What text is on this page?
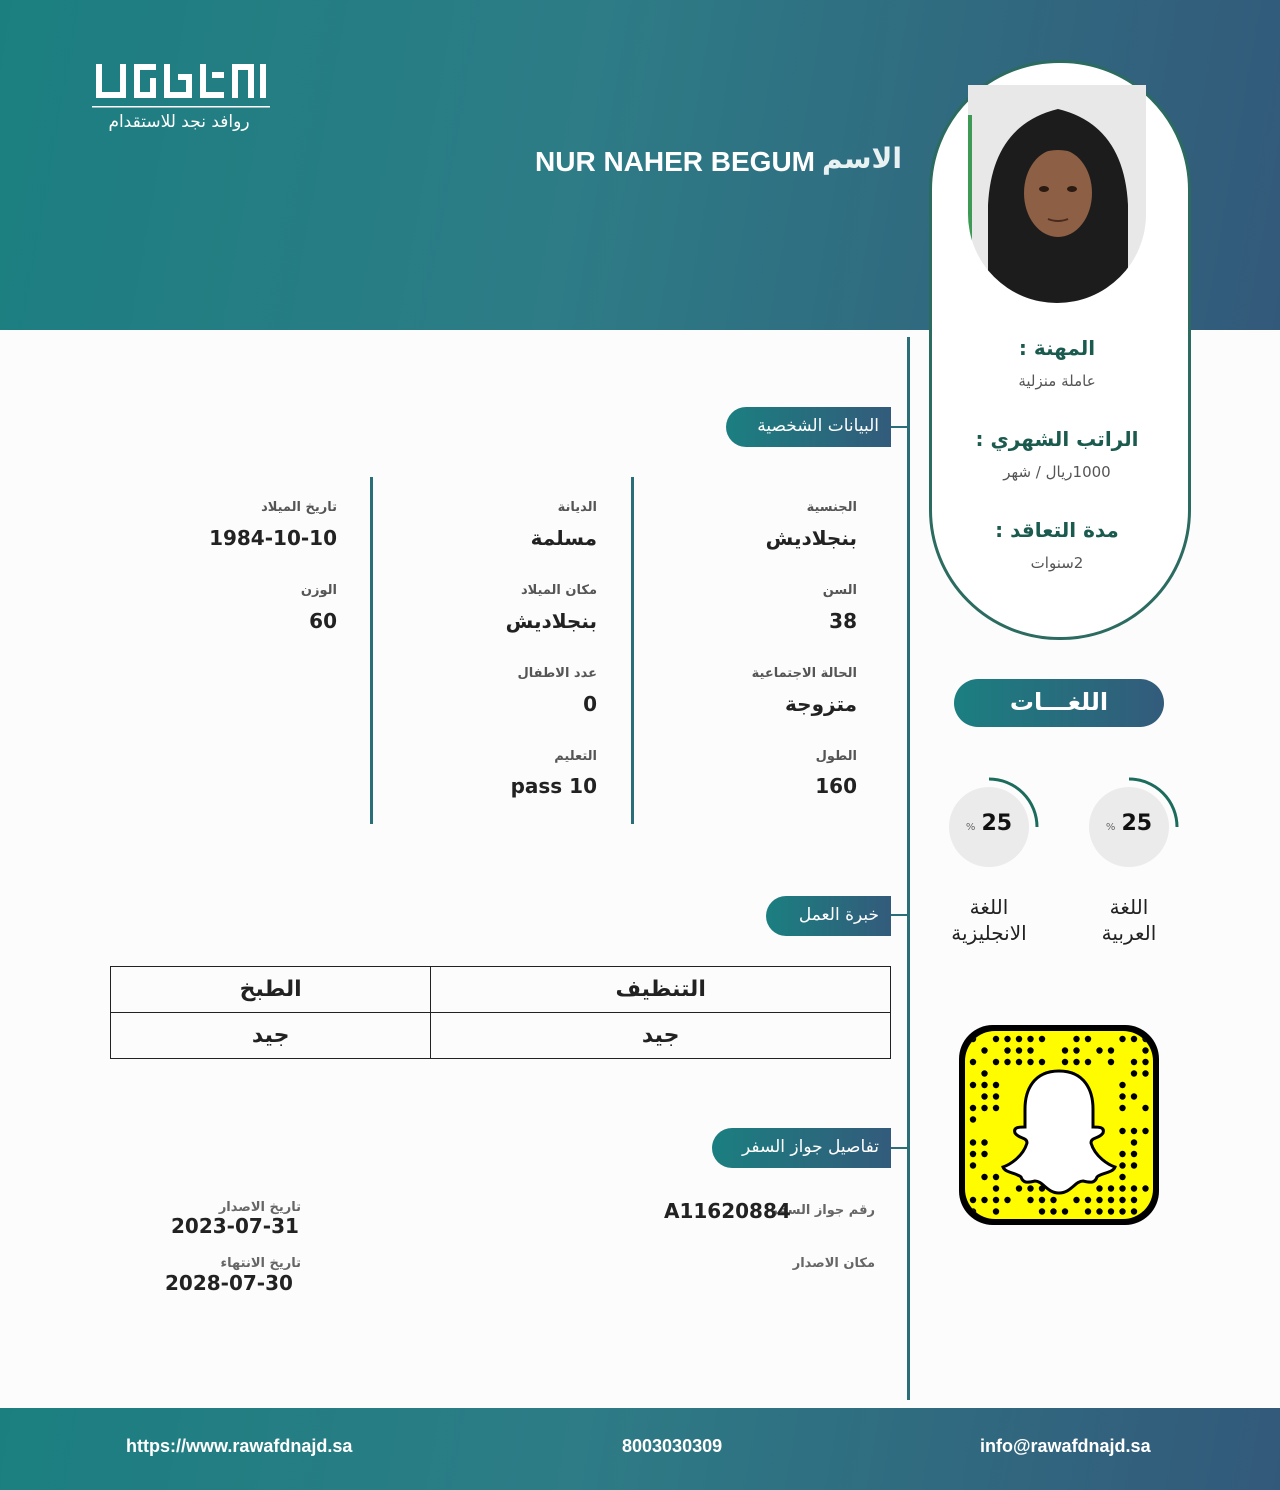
روافد نجد للاستقدام
الاسم
NUR NAHER BEGUM
المهنة :
عاملة منزلية
الراتب الشهري :
1000ريال / شهر
مدة التعاقد :
2سنوات
اللغـــات
% 25
% 25
اللغة
العربية
اللغة
الانجليزية
البيانات الشخصية
الجنسية
بنجلاديش
السن
38
الحالة الاجتماعية
متزوجة
الطول
160
الديانة
مسلمة
مكان الميلاد
بنجلاديش
عدد الاطفال
0
التعليم
pass 10
تاريخ الميلاد
1984-10-10
الوزن
60
خبرة العمل
الطبخ	التنظيف
جيد	جيد
تفاصيل جواز السفر
رقم جواز السفر
A11620884
مكان الاصدار
تاريخ الاصدار
2023-07-31
تاريخ الانتهاء
2028-07-30
https://www.rawafdnajd.sa	8003030309	info@rawafdnajd.sa
